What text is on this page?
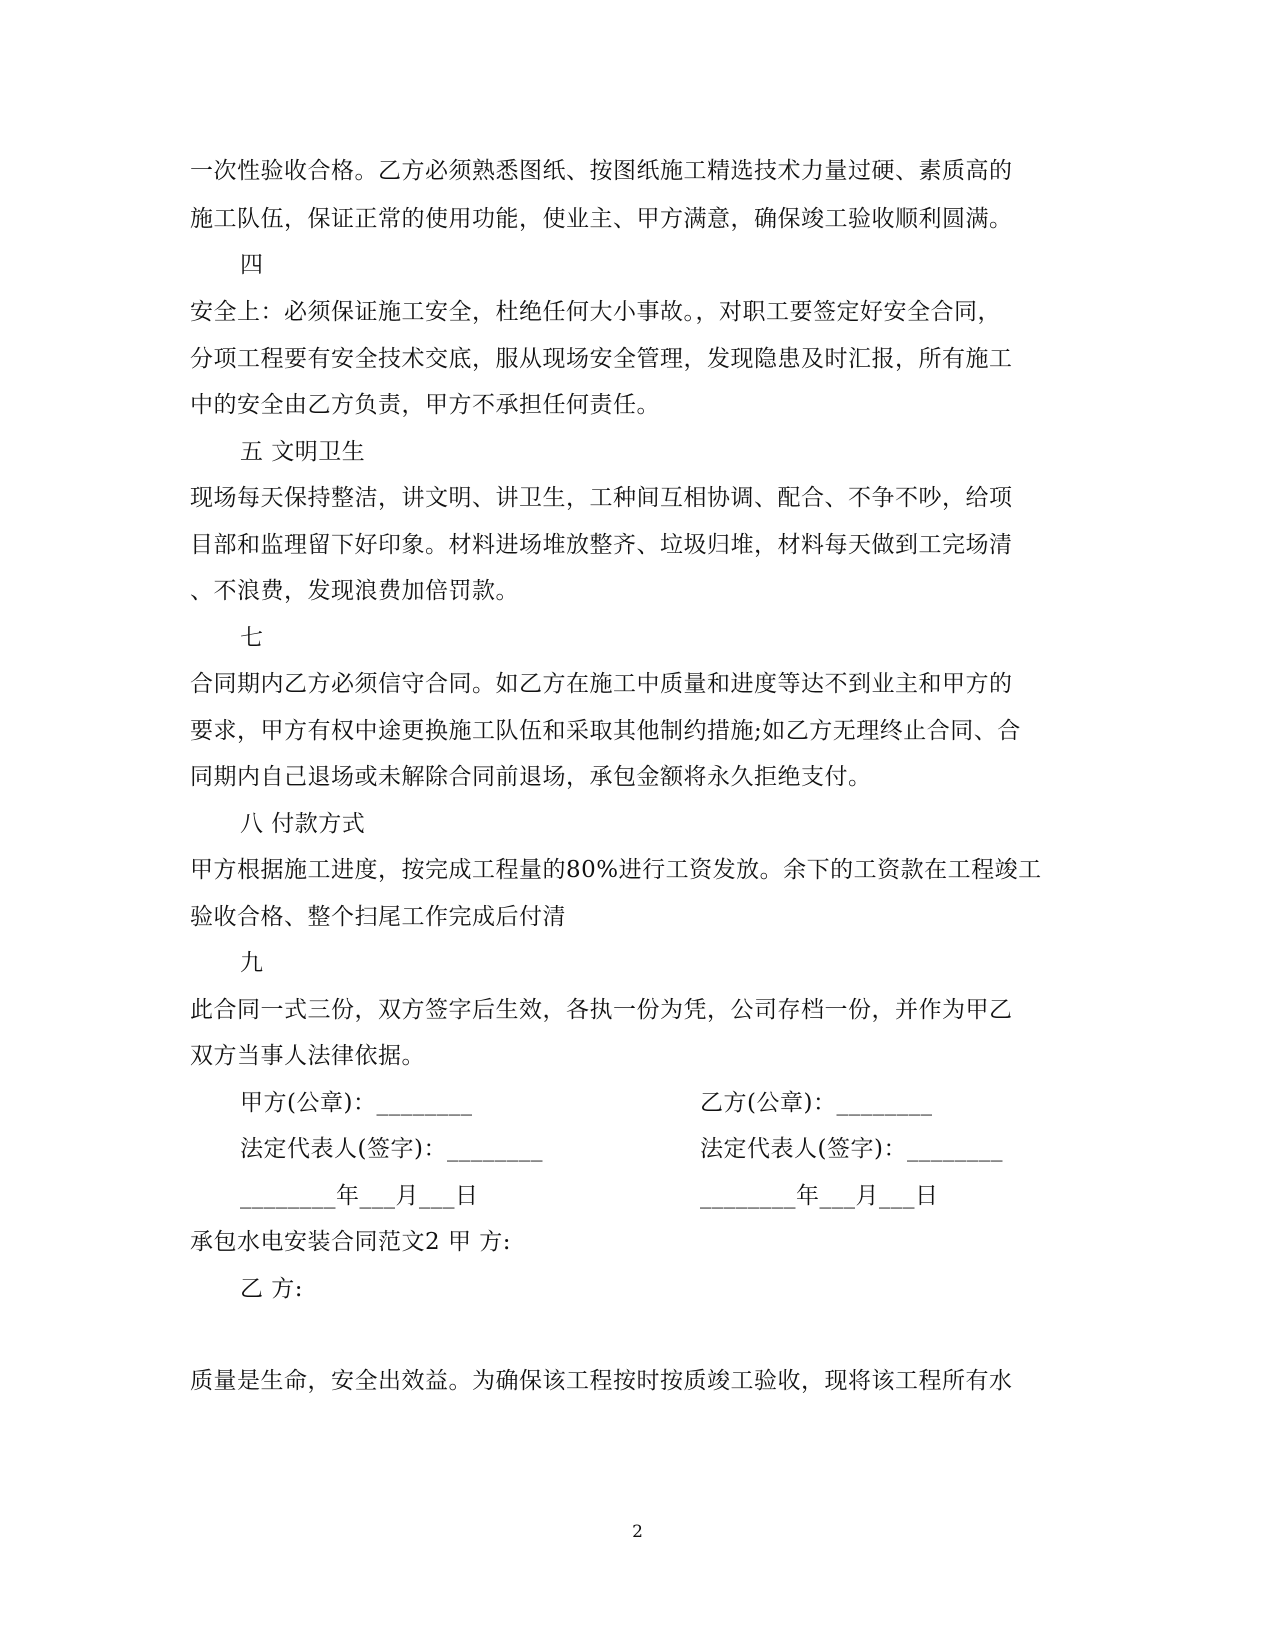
一次性验收合格。乙方必须熟悉图纸、按图纸施工精选技术力量过硬、素质高的
施工队伍，保证正常的使用功能，使业主、甲方满意，确保竣工验收顺利圆满。
四
安全上：必须保证施工安全，杜绝任何大小事故。，对职工要签定好安全合同，
分项工程要有安全技术交底，服从现场安全管理，发现隐患及时汇报，所有施工
中的安全由乙方负责，甲方不承担任何责任。
五 文明卫生
现场每天保持整洁，讲文明、讲卫生，工种间互相协调、配合、不争不吵，给项
目部和监理留下好印象。材料进场堆放整齐、垃圾归堆，材料每天做到工完场清
、不浪费，发现浪费加倍罚款。
七
合同期内乙方必须信守合同。如乙方在施工中质量和进度等达不到业主和甲方的
要求，甲方有权中途更换施工队伍和采取其他制约措施;如乙方无理终止合同、合
同期内自己退场或未解除合同前退场，承包金额将永久拒绝支付。
八 付款方式
甲方根据施工进度，按完成工程量的80%进行工资发放。余下的工资款在工程竣工
验收合格、整个扫尾工作完成后付清
九
此合同一式三份，双方签字后生效，各执一份为凭，公司存档一份，并作为甲乙
双方当事人法律依据。
甲方(公章)：________	乙方(公章)：________
法定代表人(签字)：________	法定代表人(签字)：________
________年___月___日	________年___月___日
承包水电安装合同范文2 甲 方:
乙 方:
质量是生命，安全出效益。为确保该工程按时按质竣工验收，现将该工程所有水
2
